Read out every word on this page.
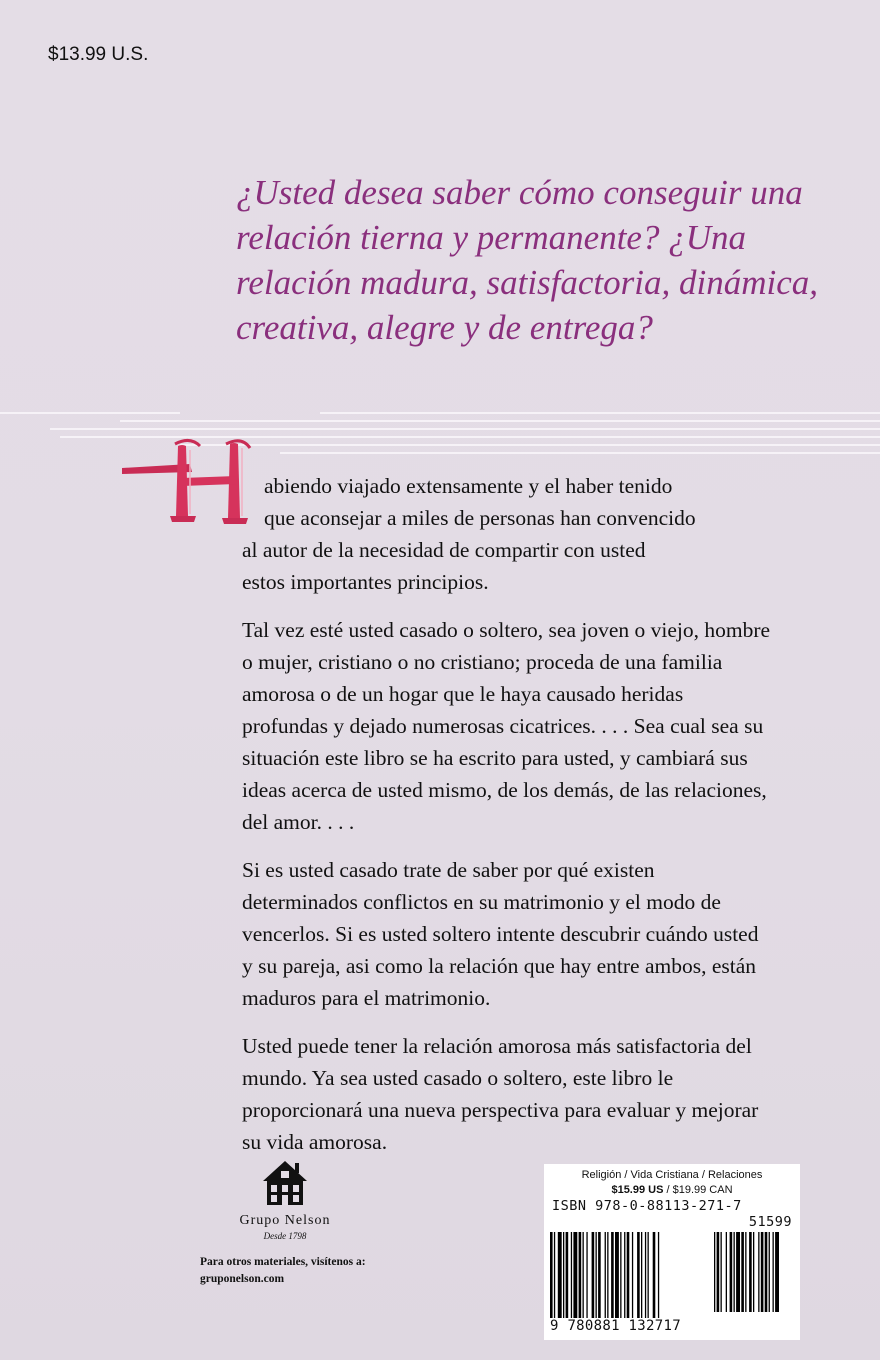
$13.99 U.S.
¿Usted desea saber cómo conseguir una relación tierna y permanente? ¿Una relación madura, satisfactoria, dinámica, creativa, alegre y de entrega?

abiendo viajado extensamente y el haber tenido
que aconsejar a miles de personas han convencido
al autor de la necesidad de compartir con usted
estos importantes principios.

Tal vez esté usted casado o soltero, sea joven o viejo, hombre o mujer, cristiano o no cristiano; proceda de una familia amorosa o de un hogar que le haya causado heridas profundas y dejado numerosas cicatrices. . . . Sea cual sea su situación este libro se ha escrito para usted, y cambiará sus ideas acerca de usted mismo, de los demás, de las relaciones, del amor. . . .

Si es usted casado trate de saber por qué existen determinados conflictos en su matrimonio y el modo de vencerlos. Si es usted soltero intente descubrir cuándo usted y su pareja, asi como la relación que hay entre ambos, están maduros para el matrimonio.

Usted puede tener la relación amorosa más satisfactoria del mundo. Ya sea usted casado o soltero, este libro le proporcionará una nueva perspectiva para evaluar y mejorar su vida amorosa.

Grupo Nelson
Desde 1798
Para otros materiales, visítenos a:
gruponelson.com
Religión / Vida Cristiana / Relaciones
$15.99 US / $19.99 CAN
ISBN 978-0-88113-271-7
51599
9 780881 132717
